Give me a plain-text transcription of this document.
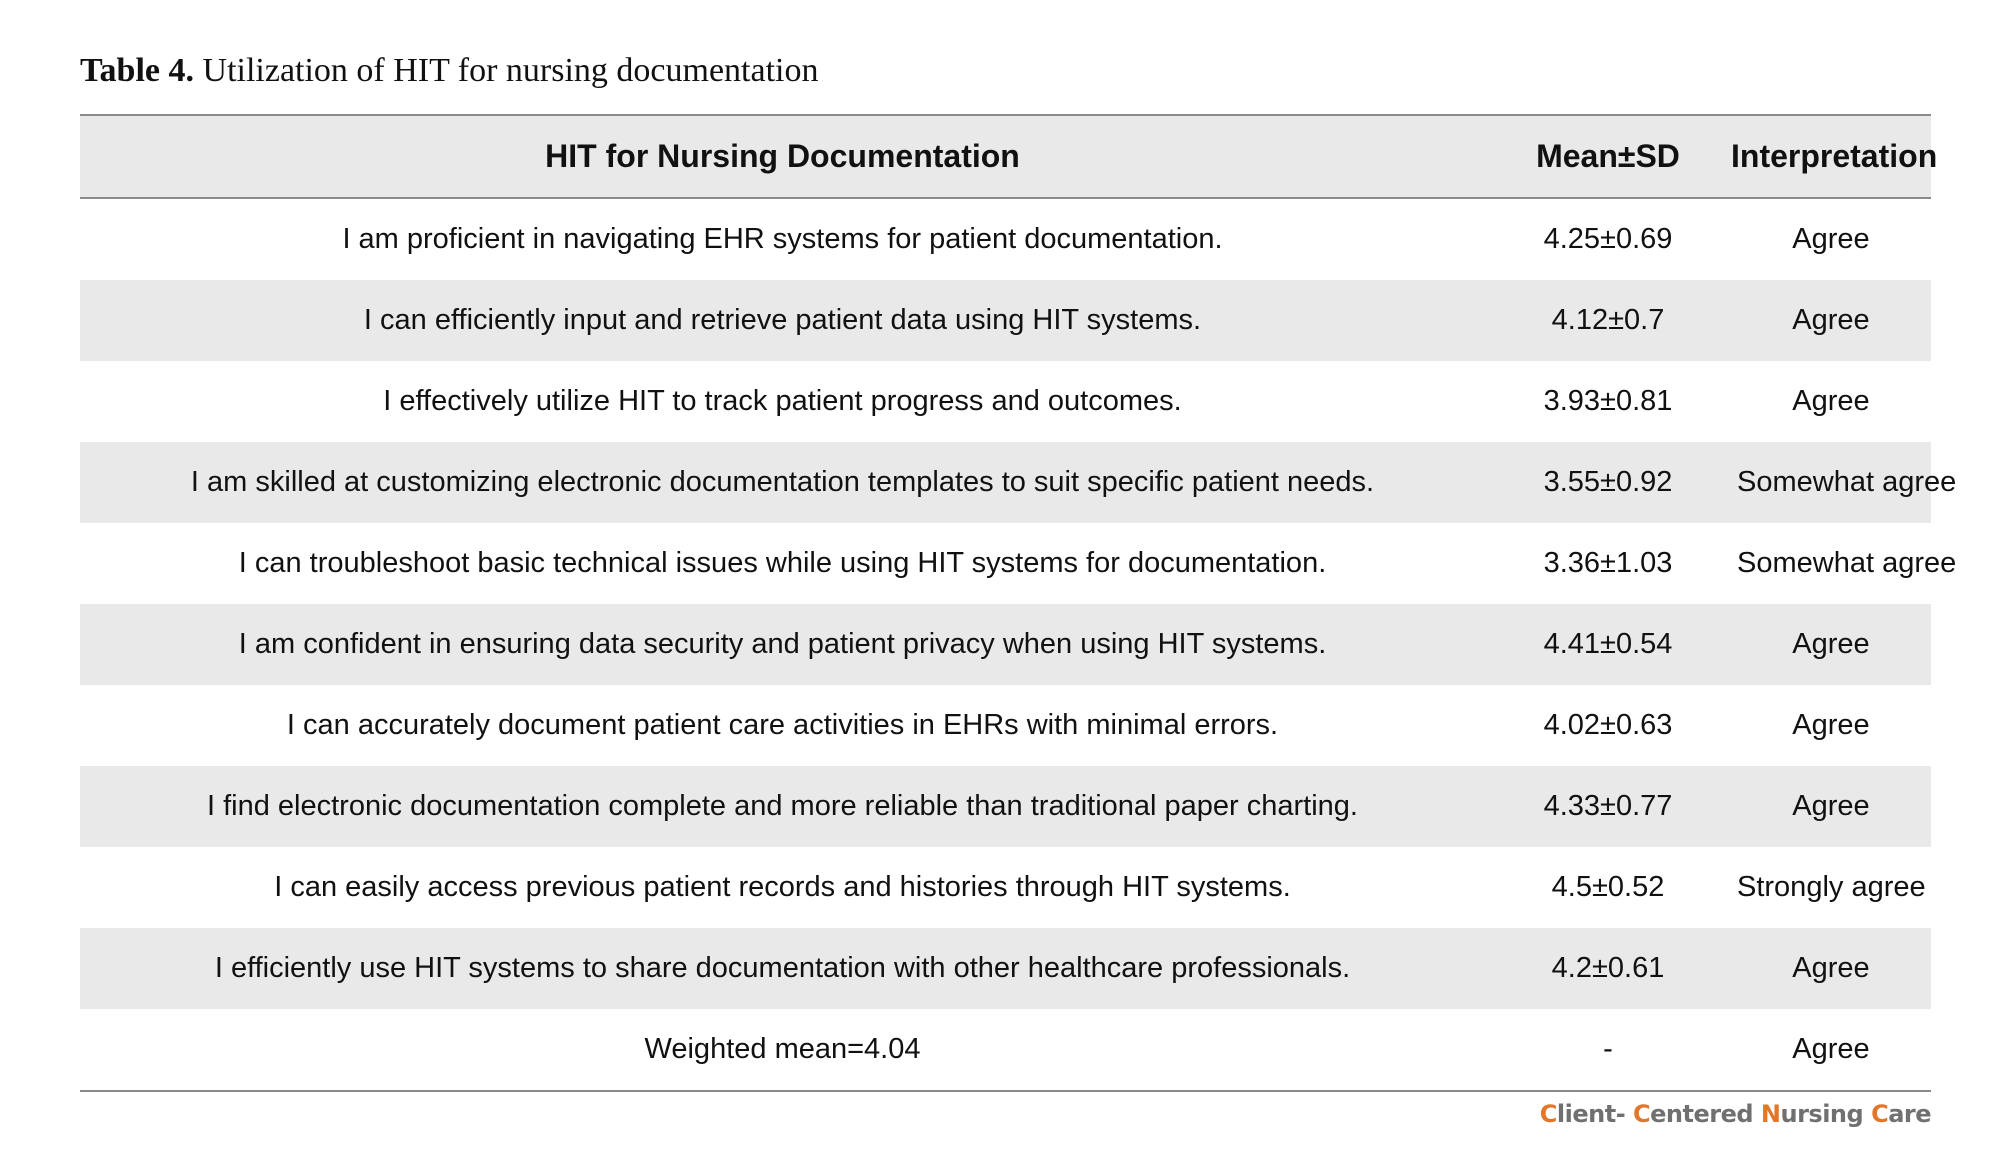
Table 4. Utilization of HIT for nursing documentation
HIT for Nursing Documentation	Mean±SD	Interpretation
I am proficient in navigating EHR systems for patient documentation.	4.25±0.69	Agree
I can efficiently input and retrieve patient data using HIT systems.	4.12±0.7	Agree
I effectively utilize HIT to track patient progress and outcomes.	3.93±0.81	Agree
I am skilled at customizing electronic documentation templates to suit specific patient needs.	3.55±0.92	Somewhat agree
I can troubleshoot basic technical issues while using HIT systems for documentation.	3.36±1.03	Somewhat agree
I am confident in ensuring data security and patient privacy when using HIT systems.	4.41±0.54	Agree
I can accurately document patient care activities in EHRs with minimal errors.	4.02±0.63	Agree
I find electronic documentation complete and more reliable than traditional paper charting.	4.33±0.77	Agree
I can easily access previous patient records and histories through HIT systems.	4.5±0.52	Strongly agree
I efficiently use HIT systems to share documentation with other healthcare professionals.	4.2±0.61	Agree
Weighted mean=4.04	-	Agree
Client- Centered Nursing Care
